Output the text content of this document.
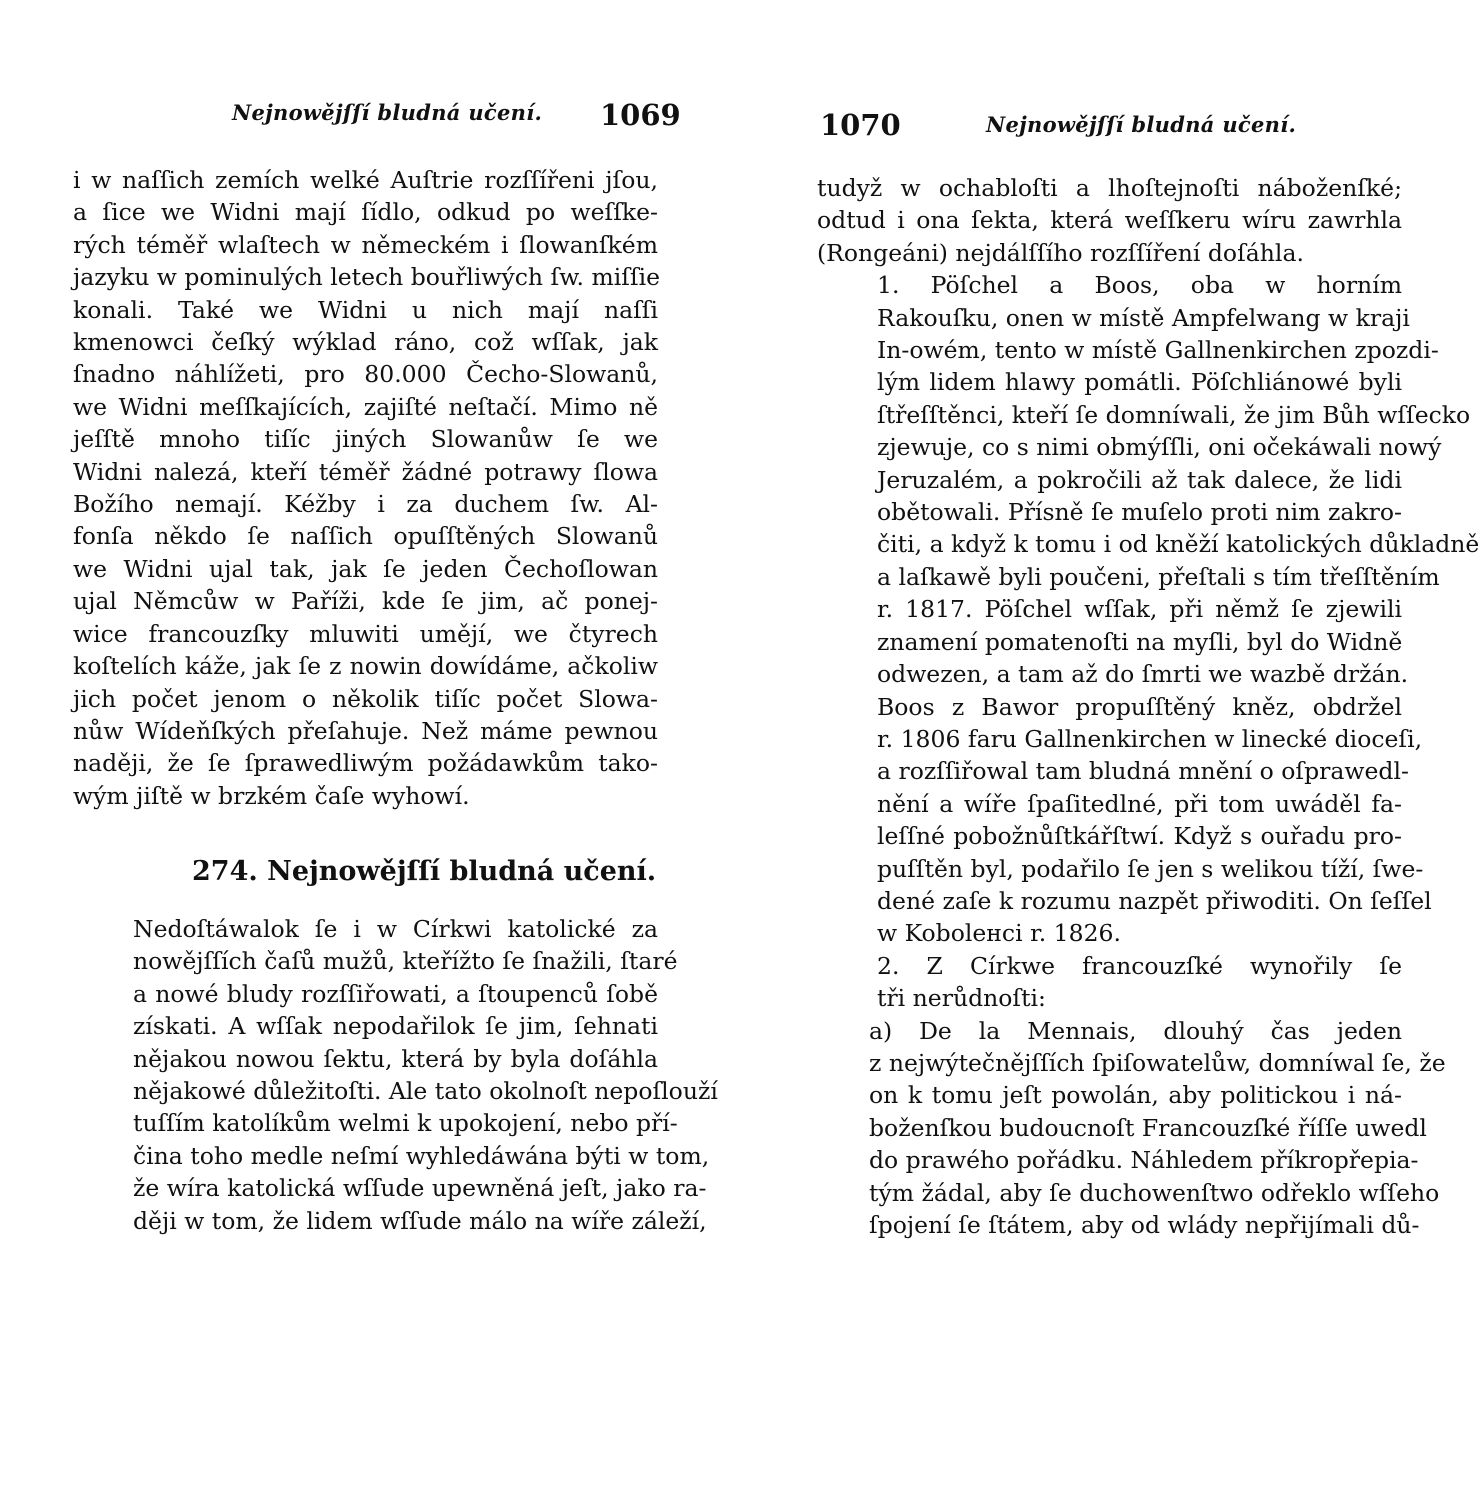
Nejnowějſſí bludná učení. 1069

i w naſſich zemích welké Auſtrie rozſſířeni jſou,
a ſice we Widni mají ſídlo, odkud po weſſke-
rých téměř wlaſtech w německém i ſlowanſkém
jazyku w pominulých letech bouřliwých ſw. miſſie
konali. Také we Widni u nich mají naſſi
kmenowci čeſký wýklad ráno, což wſſak, jak
ſnadno náhlížeti, pro 80.000 Čecho-Slowanů,
we Widni meſſkajících, zajiſté neſtačí. Mimo ně
jeſſtě mnoho tiſíc jiných Slowanůw ſe we
Widni nalezá, kteří téměř žádné potrawy ſlowa
Božího nemají. Kéžby i za duchem ſw. Al-
fonſa někdo ſe naſſich opuſſtěných Slowanů
we Widni ujal tak, jak ſe jeden Čechoſlowan
ujal Němcůw w Paříži, kde ſe jim, ač ponej-
wice francouzſky mluwiti umějí, we čtyrech
koſtelích káže, jak ſe z nowin dowídáme, ačkoliw
jich počet jenom o několik tiſíc počet Slowa-
nůw Wídeňſkých přeſahuje. Než máme pewnou
naději, že ſe ſprawedliwým požádawkům tako-
wým jiſtě w brzkém čaſe wyhowí.

274. Nejnowějſſí bludná učení.

Nedoſtáwalok ſe i w Církwi katolické za
nowějſſích čaſů mužů, kteřížto ſe ſnažili, ſtaré
a nowé bludy rozſſiřowati, a ſtoupenců ſobě
získati. A wſſak nepodařilok ſe jim, ſehnati
nějakou nowou ſektu, která by byla doſáhla
nějakowé důležitoſti. Ale tato okolnoſt nepoſlouží
tuſſím katolíkům welmi k upokojení, nebo pří-
čina toho medle neſmí wyhledáwána býti w tom,
že wíra katolická wſſude upewněná jeſt, jako ra-
ději w tom, že lidem wſſude málo na wíře záleží,

1070	Nejnowějſſí bludná učení.

tudyž w ochabloſti a lhoſtejnoſti náboženſké;
odtud i ona ſekta, která weſſkeru wíru zawrhla
(Rongeáni) nejdálſſího rozſſíření doſáhla.

1. Pöſchel a Boos, oba w horním
Rakouſku, onen w místě Ampfelwang w kraji
In-owém, tento w místě Gallnenkirchen zpozdi-
lým lidem hlawy pomátli. Pöſchliánowé byli
ſtřeſſtěnci, kteří ſe domníwali, že jim Bůh wſſecko
zjewuje, co s nimi obmýſſli, oni očekáwali nowý
Jeruzalém, a pokročili až tak dalece, že lidi
obětowali. Přísně ſe muſelo proti nim zakro-
čiti, a když k tomu i od kněží katolických důkladně
a laſkawě byli poučeni, přeſtali s tím třeſſtěním
r. 1817. Pöſchel wſſak, při němž ſe zjewili
znamení pomatenoſti na myſli, byl do Widně
odwezen, a tam až do ſmrti we wazbě držán.

Boos z Bawor propuſſtěný kněz, obdržel
r. 1806 faru Gallnenkirchen w linecké dioceſi,
a rozſſiřowal tam bludná mnění o oſprawedl-
nění a wíře ſpaſitedlné, při tom uwáděl fa-
leſſné pobožnůſtkářſtwí. Když s ouřadu pro-
puſſtěn byl, podařilo ſe jen s welikou tíží, ſwe-
dené zaſe k rozumu nazpět přiwoditi. On ſeſſel
w Koboleнcі r. 1826.

2. Z Církwe francouzſké wynořily ſe
tři nerůdnoſti:

a) De la Mennais, dlouhý čas jeden
z nejwýtečnějſſích ſpiſowatelůw, domníwal ſe, že
on k tomu jeſt powolán, aby politickou i ná-
boženſkou budoucnoſt Francouzſké říſſe uwedl
do prawého pořádku. Náhledem příkropřepia-
tým žádal, aby ſe duchowenſtwo odřeklo wſſeho
ſpojení ſe ſtátem, aby od wlády nepřijímali dů-
